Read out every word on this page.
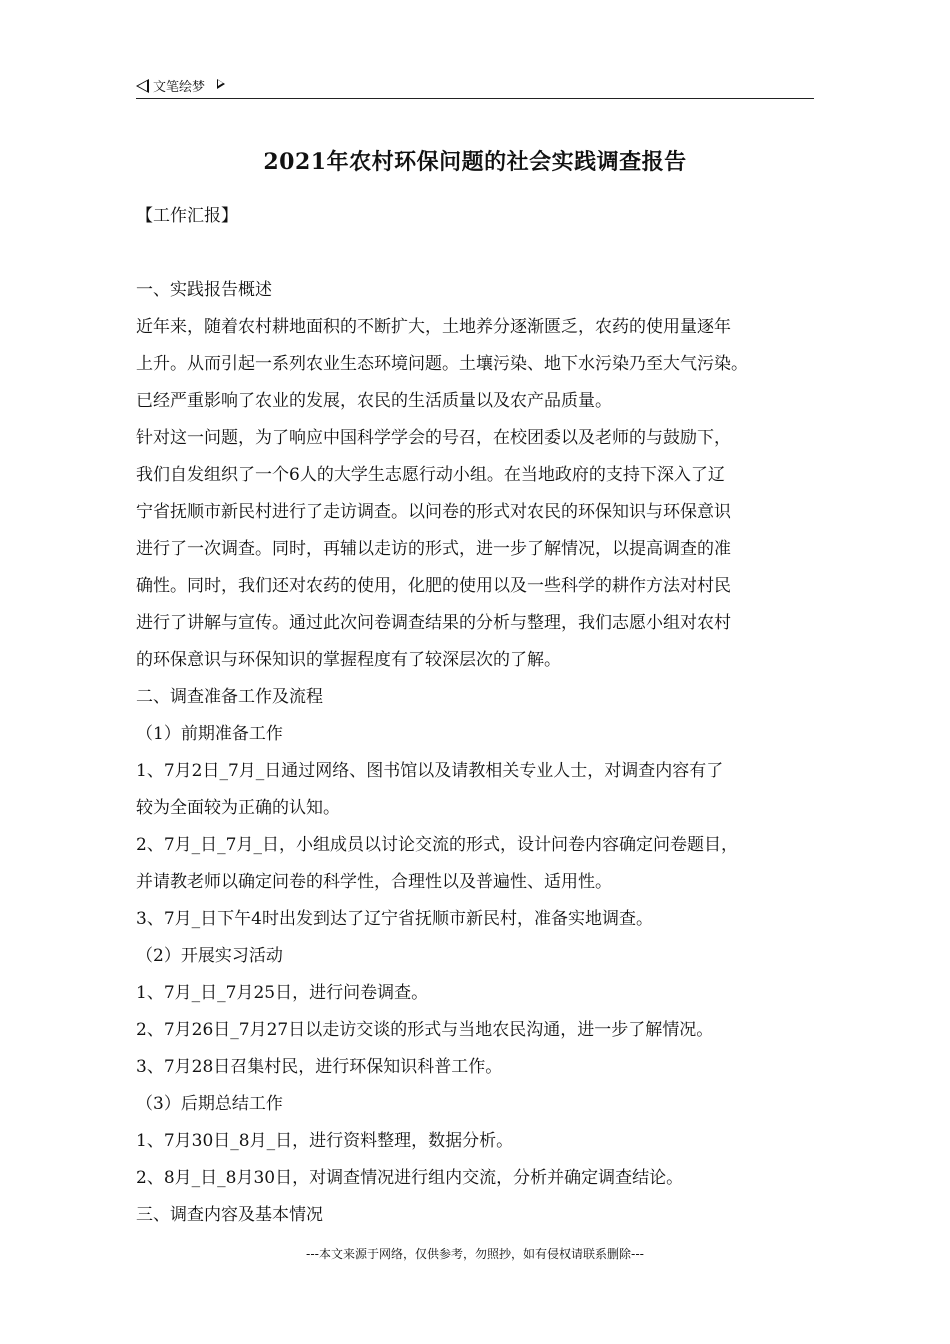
文笔绘梦
2021年农村环保问题的社会实践调查报告
【工作汇报】
一、实践报告概述
近年来，随着农村耕地面积的不断扩大，土地养分逐渐匮乏，农药的使用量逐年
上升。从而引起一系列农业生态环境问题。土壤污染、地下水污染乃至大气污染。
已经严重影响了农业的发展，农民的生活质量以及农产品质量。
针对这一问题，为了响应中国科学学会的号召，在校团委以及老师的与鼓励下，
我们自发组织了一个6人的大学生志愿行动小组。在当地政府的支持下深入了辽
宁省抚顺市新民村进行了走访调查。以问卷的形式对农民的环保知识与环保意识
进行了一次调查。同时，再辅以走访的形式，进一步了解情况，以提高调查的准
确性。同时，我们还对农药的使用，化肥的使用以及一些科学的耕作方法对村民
进行了讲解与宣传。通过此次问卷调查结果的分析与整理，我们志愿小组对农村
的环保意识与环保知识的掌握程度有了较深层次的了解。
二、调查准备工作及流程
（1）前期准备工作
1、7月2日_7月_日通过网络、图书馆以及请教相关专业人士，对调查内容有了
较为全面较为正确的认知。
2、7月_日_7月_日，小组成员以讨论交流的形式，设计问卷内容确定问卷题目，
并请教老师以确定问卷的科学性，合理性以及普遍性、适用性。
3、7月_日下午4时出发到达了辽宁省抚顺市新民村，准备实地调查。
（2）开展实习活动
1、7月_日_7月25日，进行问卷调查。
2、7月26日_7月27日以走访交谈的形式与当地农民沟通，进一步了解情况。
3、7月28日召集村民，进行环保知识科普工作。
（3）后期总结工作
1、7月30日_8月_日，进行资料整理，数据分析。
2、8月_日_8月30日，对调查情况进行组内交流，分析并确定调查结论。
三、调查内容及基本情况
---本文来源于网络，仅供参考，勿照抄，如有侵权请联系删除---
